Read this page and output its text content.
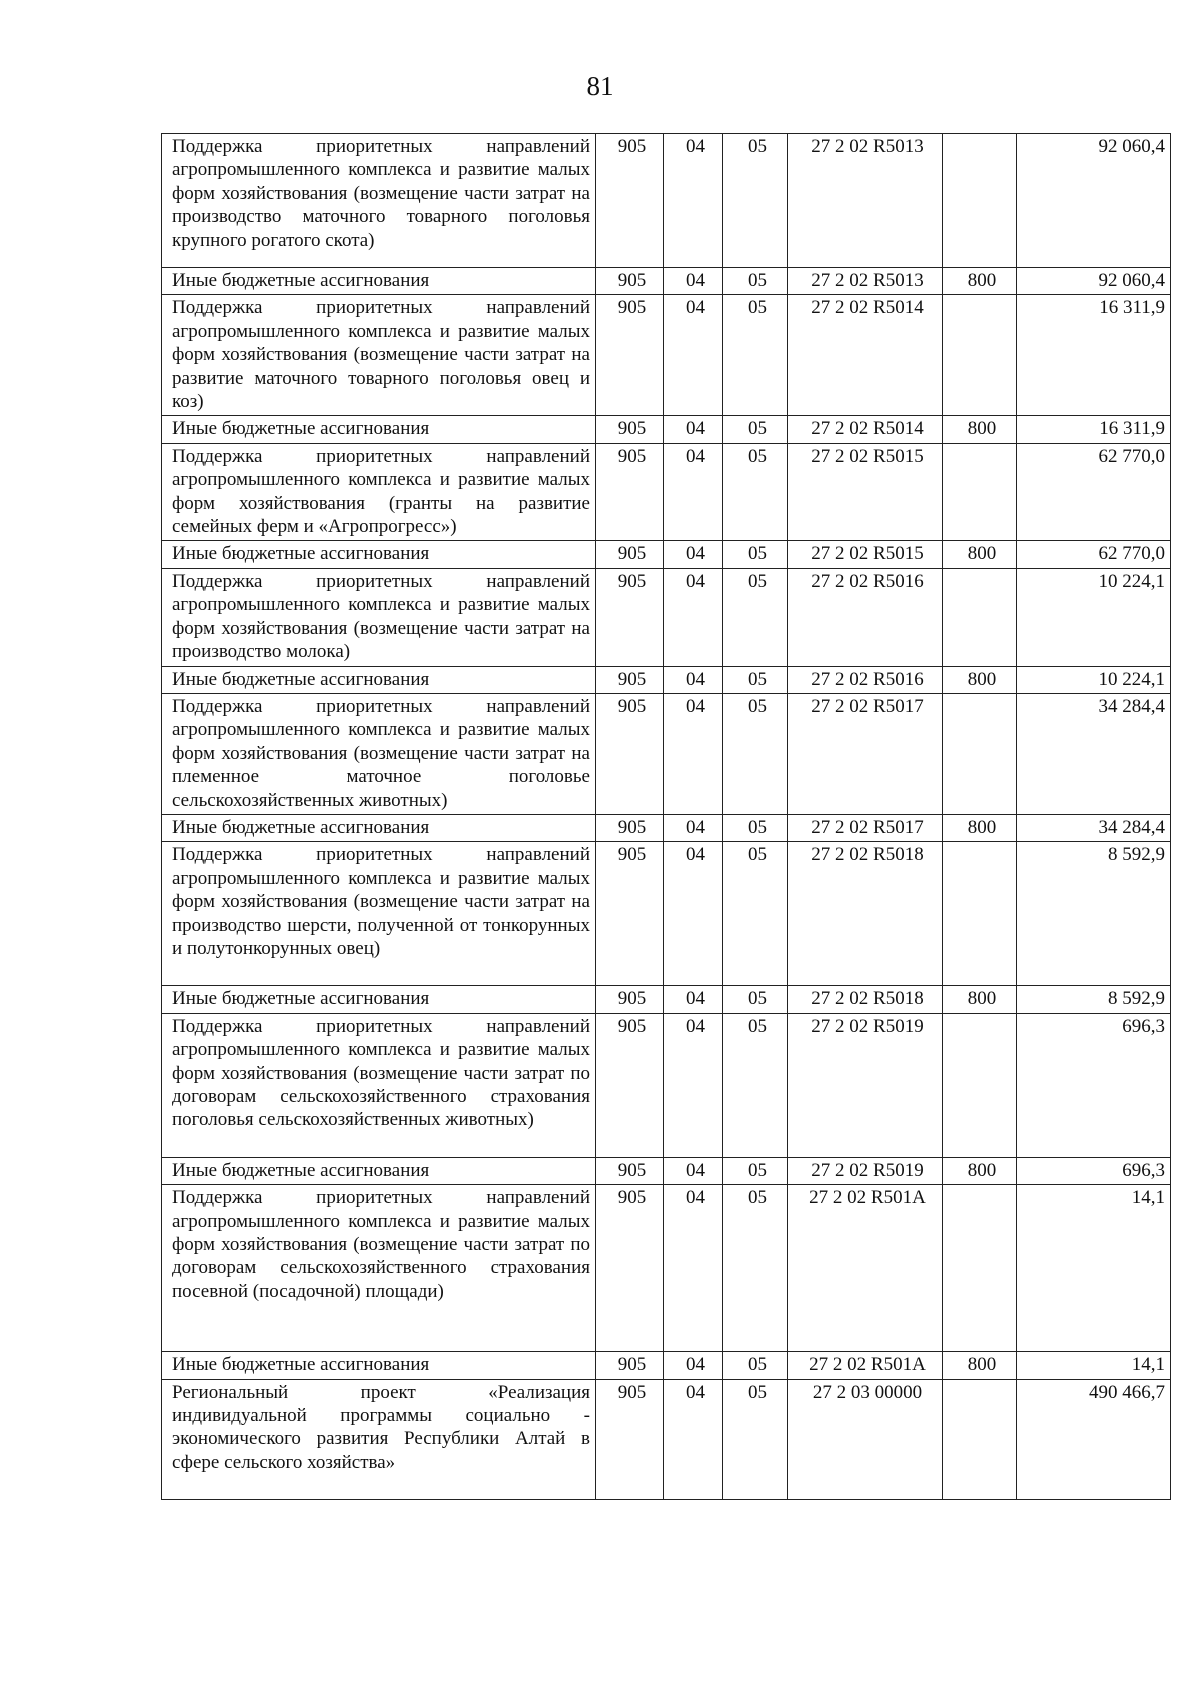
81
Поддержка приоритетных направлений агропромышленного комплекса и развитие малых форм хозяйствования (возмещение части затрат на производство маточного товарного поголовья крупного рогатого скота)	905	04	05	27 2 02 R5013		92 060,4
Иные бюджетные ассигнования	905	04	05	27 2 02 R5013	800	92 060,4
Поддержка приоритетных направлений агропромышленного комплекса и развитие малых форм хозяйствования (возмещение части затрат на развитие маточного товарного поголовья овец и коз)	905	04	05	27 2 02 R5014		16 311,9
Иные бюджетные ассигнования	905	04	05	27 2 02 R5014	800	16 311,9
Поддержка приоритетных направлений агропромышленного комплекса и развитие малых форм хозяйствования (гранты на развитие семейных ферм и «Агропрогресс»)	905	04	05	27 2 02 R5015		62 770,0
Иные бюджетные ассигнования	905	04	05	27 2 02 R5015	800	62 770,0
Поддержка приоритетных направлений агропромышленного комплекса и развитие малых форм хозяйствования (возмещение части затрат на производство молока)	905	04	05	27 2 02 R5016		10 224,1
Иные бюджетные ассигнования	905	04	05	27 2 02 R5016	800	10 224,1
Поддержка приоритетных направлений агропромышленного комплекса и развитие малых форм хозяйствования (возмещение части затрат на племенное маточное поголовье сельскохозяйственных животных)	905	04	05	27 2 02 R5017		34 284,4
Иные бюджетные ассигнования	905	04	05	27 2 02 R5017	800	34 284,4
Поддержка приоритетных направлений агропромышленного комплекса и развитие малых форм хозяйствования (возмещение части затрат на производство шерсти, полученной от тонкорунных и полутонкорунных овец)	905	04	05	27 2 02 R5018		8 592,9
Иные бюджетные ассигнования	905	04	05	27 2 02 R5018	800	8 592,9
Поддержка приоритетных направлений агропромышленного комплекса и развитие малых форм хозяйствования (возмещение части затрат по договорам сельскохозяйственного страхования поголовья сельскохозяйственных животных)	905	04	05	27 2 02 R5019		696,3
Иные бюджетные ассигнования	905	04	05	27 2 02 R5019	800	696,3
Поддержка приоритетных направлений агропромышленного комплекса и развитие малых форм хозяйствования (возмещение части затрат по договорам сельскохозяйственного страхования посевной (посадочной) площади)	905	04	05	27 2 02 R501A		14,1
Иные бюджетные ассигнования	905	04	05	27 2 02 R501A	800	14,1
Региональный проект «Реализация индивидуальной программы социально - экономического развития Республики Алтай в сфере сельского хозяйства»	905	04	05	27 2 03 00000		490 466,7
